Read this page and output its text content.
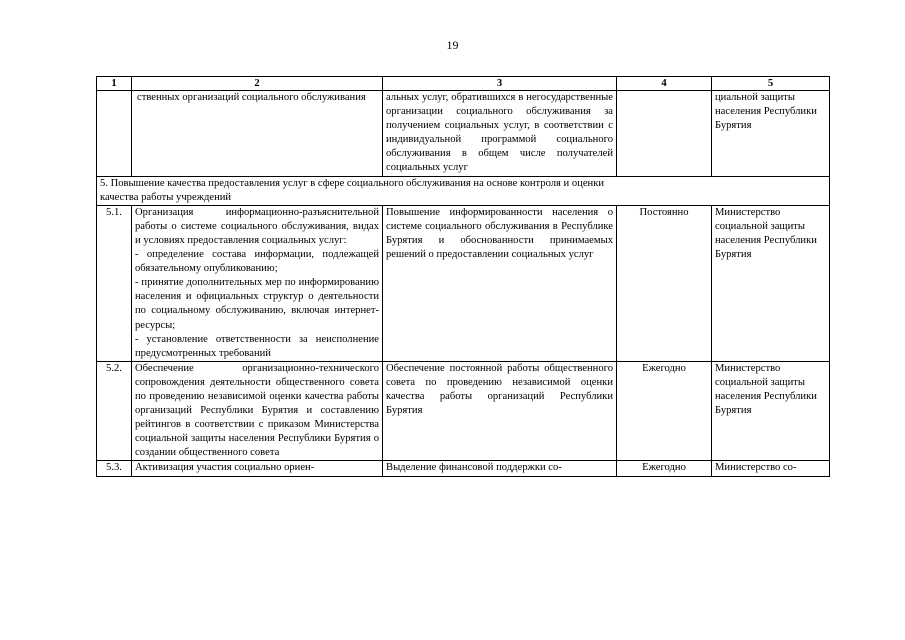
19
1	2	3	4	5
	ственных организаций социального обслуживания	альных услуг, обратившихся в негосударственные организации социального обслуживания за получением социальных услуг, в соответствии с индивидуальной программой социального обслуживания в общем числе получателей социальных услуг		циальной защиты населения Республики Бурятия
5. Повышение качества предоставления услуг в сфере социального обслуживания на основе контроля и оценки качества работы учреждений				
5.1.	Организация информационно-разъяснительной работы о системе социального обслуживания, видах и условиях предоставления социальных услуг:
- определение состава информации, подлежащей обязательному опубликованию;
- принятие дополнительных мер по информированию населения и официальных структур о деятельности по социальному обслуживанию, включая интернет-ресурсы;
- установление ответственности за неисполнение предусмотренных требований	Повышение информированности населения о системе социального обслуживания в Республике Бурятия и обоснованности принимаемых решений о предоставлении социальных услуг	Постоянно	Министерство социальной защиты населения Республики Бурятия
5.2.	Обеспечение организационно-технического сопровождения деятельности общественного совета по проведению независимой оценки качества работы организаций Республики Бурятия и составлению рейтингов в соответствии с приказом Министерства социальной защиты населения Республики Бурятия о создании общественного совета	Обеспечение постоянной работы общественного совета по проведению независимой оценки качества работы организаций Республики Бурятия	Ежегодно	Министерство социальной защиты населения Республики Бурятия
5.3.	Активизация участия социально ориен-	Выделение финансовой поддержки со-	Ежегодно	Министерство со-
